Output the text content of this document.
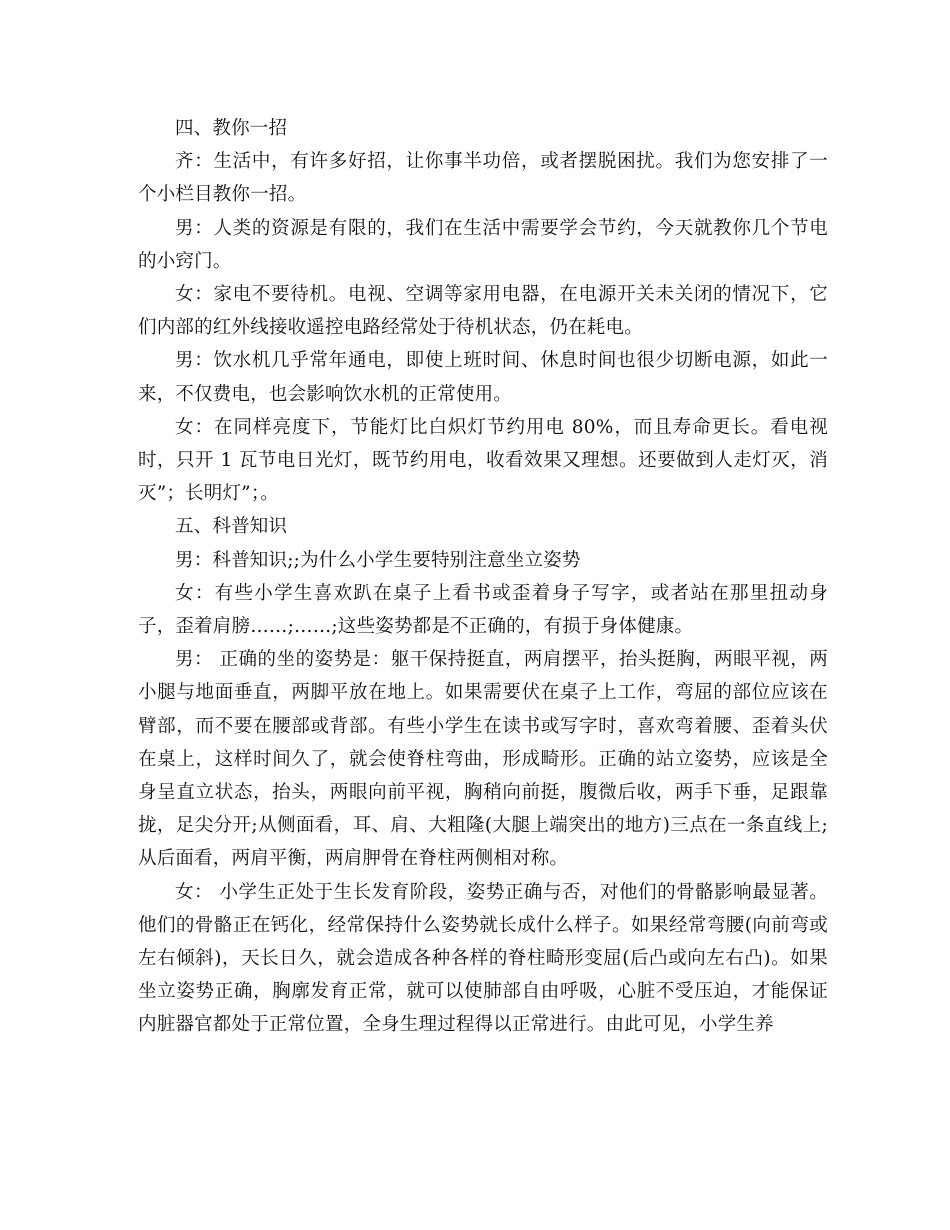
四、教你一招

齐：生活中，有许多好招，让你事半功倍，或者摆脱困扰。我们为您安排了一个小栏目教你一招。

男：人类的资源是有限的，我们在生活中需要学会节约，今天就教你几个节电的小窍门。

女：家电不要待机。电视、空调等家用电器，在电源开关未关闭的情况下，它们内部的红外线接收遥控电路经常处于待机状态，仍在耗电。

男：饮水机几乎常年通电，即使上班时间、休息时间也很少切断电源，如此一来，不仅费电，也会影响饮水机的正常使用。

女：在同样亮度下，节能灯比白炽灯节约用电 80%，而且寿命更长。看电视时，只开 1 瓦节电日光灯，既节约用电，收看效果又理想。还要做到人走灯灭，消灭”；长明灯”；。

五、科普知识

男：科普知识;;为什么小学生要特别注意坐立姿势

女：有些小学生喜欢趴在桌子上看书或歪着身子写字，或者站在那里扭动身子，歪着肩膀……;……;这些姿势都是不正确的，有损于身体健康。

男： 正确的坐的姿势是：躯干保持挺直，两肩摆平，抬头挺胸，两眼平视，两小腿与地面垂直，两脚平放在地上。如果需要伏在桌子上工作，弯屈的部位应该在臂部，而不要在腰部或背部。有些小学生在读书或写字时，喜欢弯着腰、歪着头伏在桌上，这样时间久了，就会使脊柱弯曲，形成畸形。正确的站立姿势，应该是全身呈直立状态，抬头，两眼向前平视，胸稍向前挺，腹微后收，两手下垂，足跟靠拢，足尖分开;从侧面看，耳、肩、大粗隆(大腿上端突出的地方)三点在一条直线上;从后面看，两肩平衡，两肩胛骨在脊柱两侧相对称。

女： 小学生正处于生长发育阶段，姿势正确与否，对他们的骨骼影响最显著。他们的骨骼正在钙化，经常保持什么姿势就长成什么样子。如果经常弯腰(向前弯或左右倾斜)，天长日久，就会造成各种各样的脊柱畸形变屈(后凸或向左右凸)。如果坐立姿势正确，胸廓发育正常，就可以使肺部自由呼吸，心脏不受压迫，才能保证内脏器官都处于正常位置，全身生理过程得以正常进行。由此可见，小学生养
